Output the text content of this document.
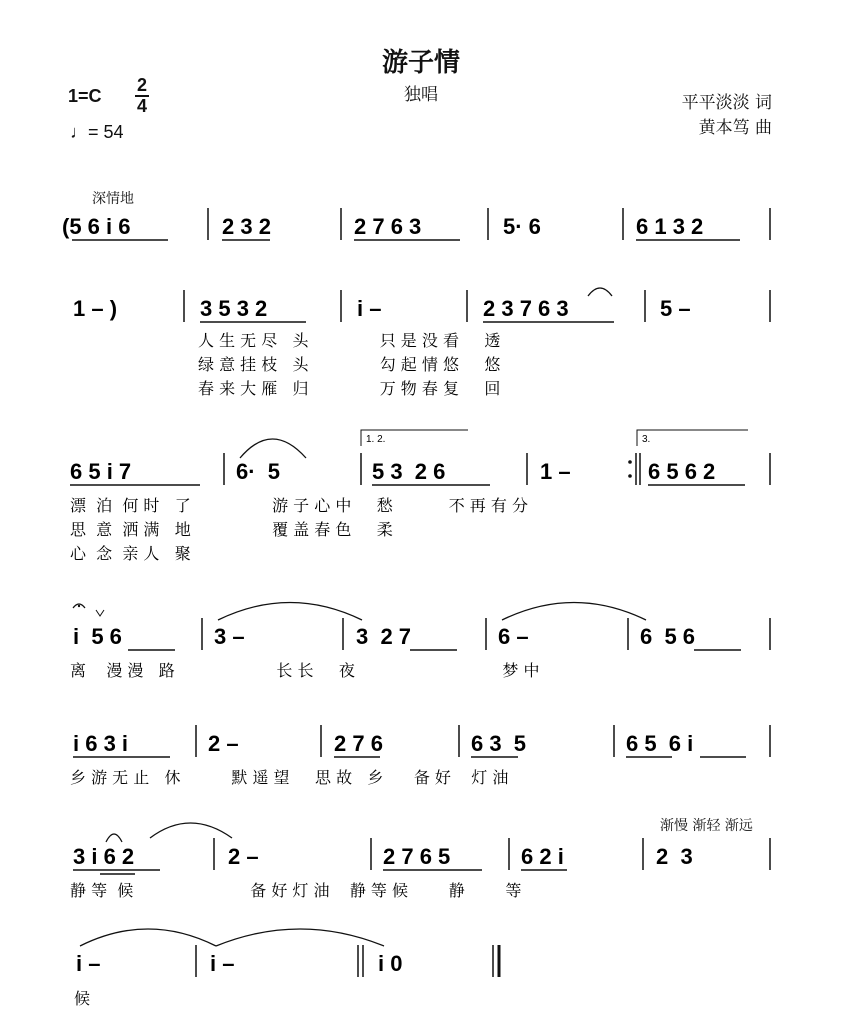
游子情
独唱
1=C
2
4
♩= 54
平平淡淡 词
黄本笃 曲
深情地
渐慢 渐轻 渐远
(5 6 i 6	2 3 2	2 7 6 3	5· 6	6 1 3 2
1 – )	3 5 3 2	i –	2 3 7 6 3	5 –
人 生 无 尽   头              只 是 没 看     透
绿 意 挂 枝   头              勾 起 情 悠     悠
春 来 大 雁   归              万 物 春 复     回
1. 2.	3.
6 5 i 7	6·  5	5 3  2 6	1 –	6 5 6 2
漂  泊  何 时   了                游 子 心 中     愁           不 再 有 分
思  意  洒 满   地                覆 盖 春 色     柔
心  念  亲 人   聚
i  5 6	3 –	3  2 7	6 –	6  5 6
离    漫 漫   路                    长 长     夜                             梦 中
i 6 3 i	2 –	2 7 6	6 3  5	6 5  6 i
乡 游 无 止   休          默 遥 望     思 故   乡      备 好    灯 油
3 i 6 2	2 –	2 7 6 5	6 2 i	2  3
静 等  候                       备 好 灯 油    静 等 候        静        等
i –	i –	i 0
候
